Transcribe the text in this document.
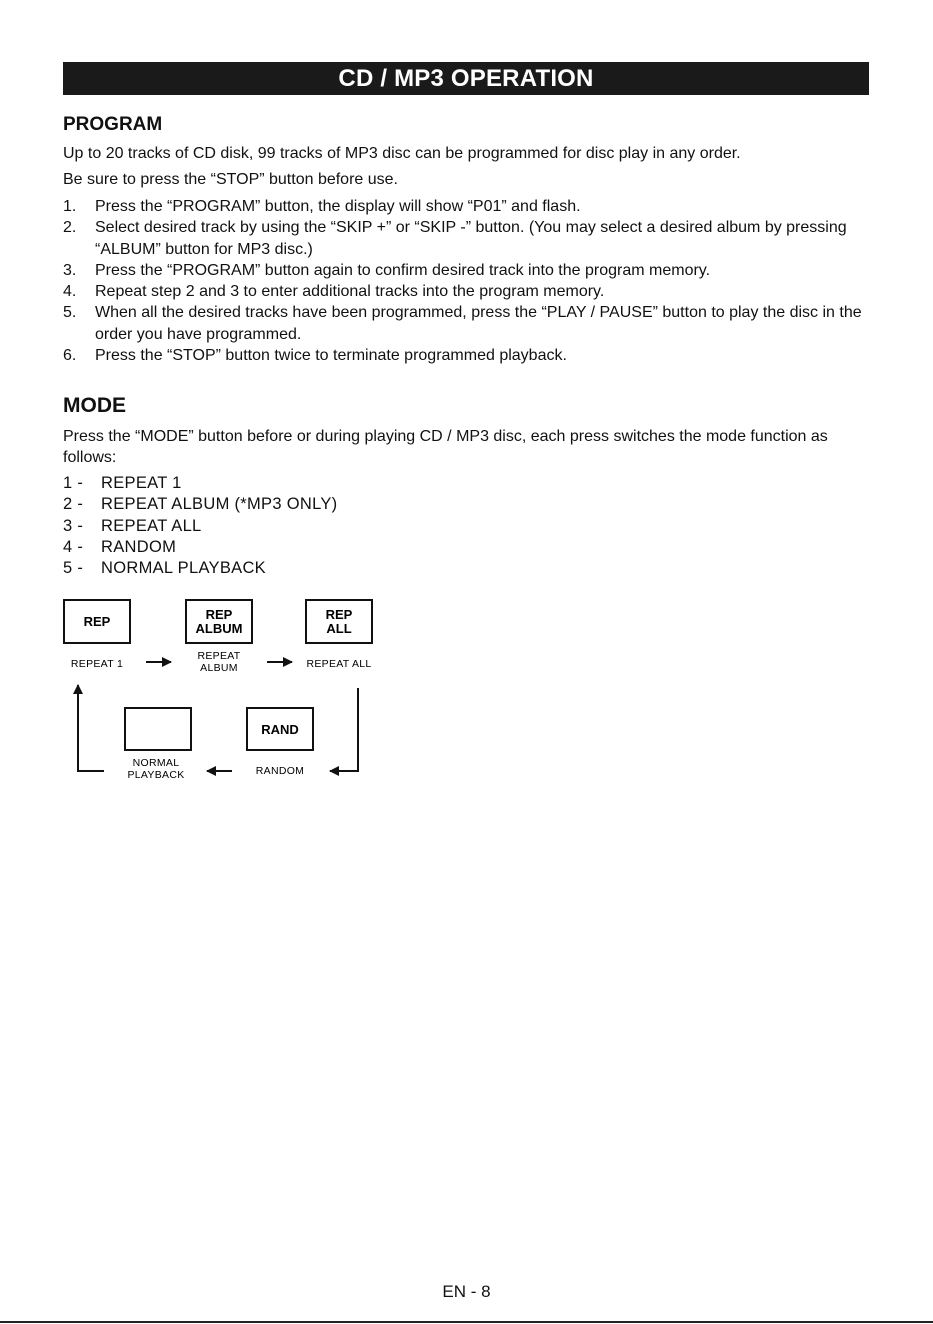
CD / MP3 OPERATION
PROGRAM

Up to 20 tracks of CD disk, 99 tracks of MP3 disc can be programmed for disc play in any order.

Be sure to press the “STOP” button before use.

1.	Press the “PROGRAM” button, the display will show “P01” and flash.
2.	Select desired track by using the “SKIP +” or “SKIP -” button. (You may select a desired album by pressing “ALBUM” button for MP3 disc.)
3.	Press the “PROGRAM” button again to confirm desired track into the program memory.
4.	Repeat step 2 and 3 to enter additional tracks into the program memory.
5.	When all the desired tracks have been programmed, press the “PLAY / PAUSE” button to play the disc in the order you have programmed.
6.	Press the “STOP” button twice to terminate programmed playback.
MODE

Press the “MODE” button before or during playing CD / MP3 disc, each press switches the mode function as follows:

1 -	REPEAT 1
2 -	REPEAT ALBUM (*MP3 ONLY)
3 -	REPEAT ALL
4 -	RANDOM
5 -	NORMAL PLAYBACK
REP	REP
ALBUM
REP
ALL
RAND
REPEAT 1
REPEAT
ALBUM	REPEAT ALL
NORMAL
PLAYBACK	RANDOM
EN - 8
